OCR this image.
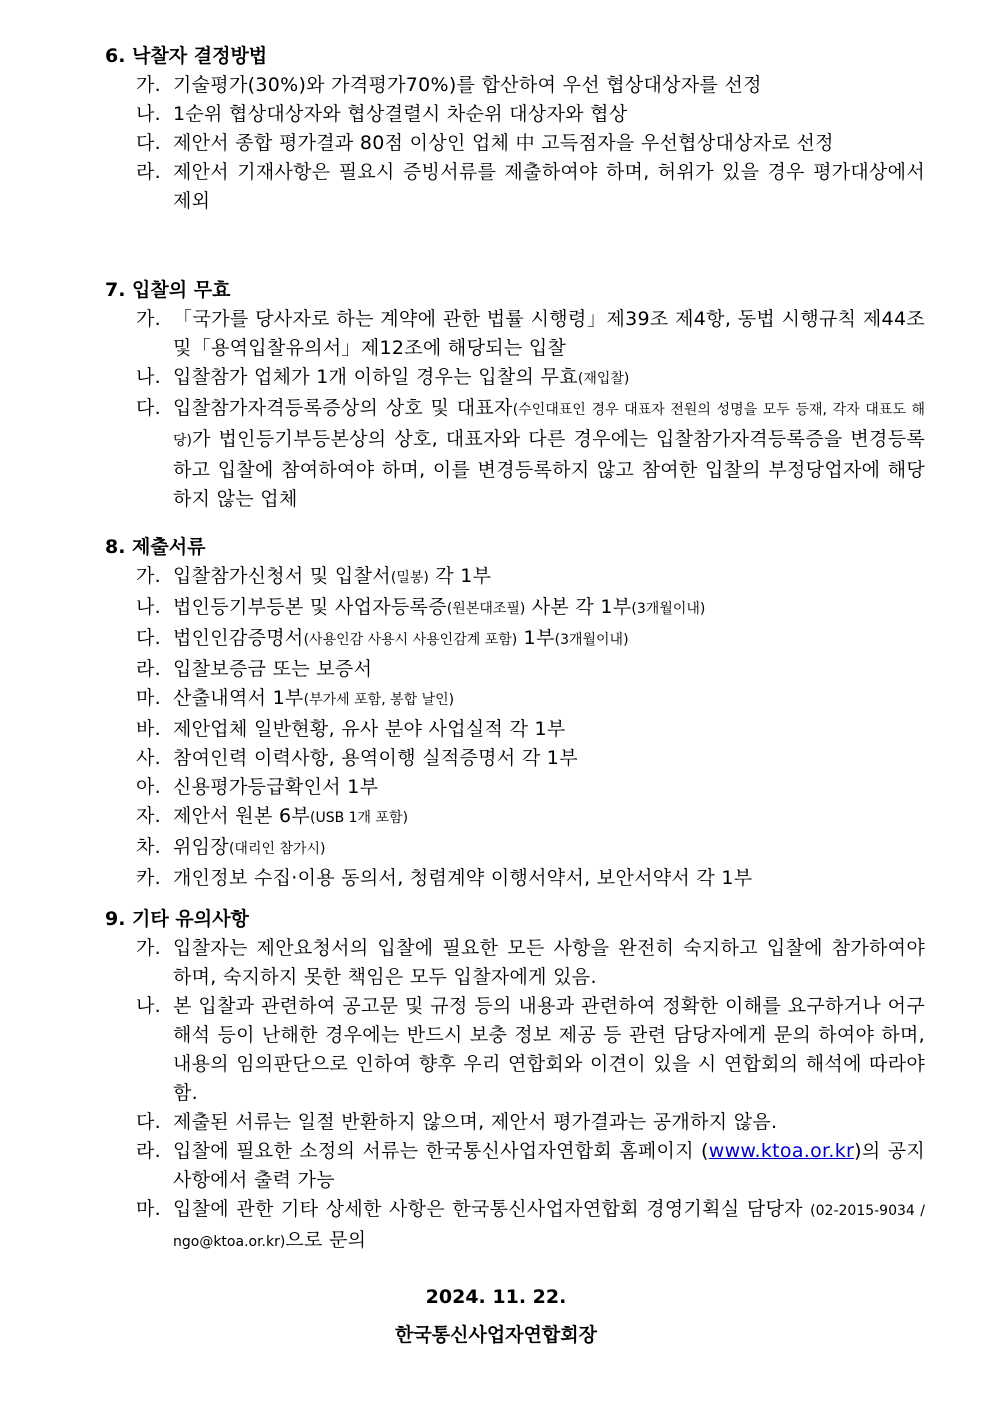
6. 낙찰자 결정방법
가. 기술평가(30%)와 가격평가70%)를 합산하여 우선 협상대상자를 선정
나. 1순위 협상대상자와 협상결렬시 차순위 대상자와 협상
다. 제안서 종합 평가결과 80점 이상인 업체 中 고득점자을 우선협상대상자로 선정
라. 제안서 기재사항은 필요시 증빙서류를 제출하여야 하며, 허위가 있을 경우 평가대상에서 제외
7. 입찰의 무효
가. 「국가를 당사자로 하는 계약에 관한 법률 시행령」제39조 제4항, 동법 시행규칙 제44조 및「용역입찰유의서」제12조에 해당되는 입찰
나. 입찰참가 업체가 1개 이하일 경우는 입찰의 무효(재입찰)
다. 입찰참가자격등록증상의 상호 및 대표자(수인대표인 경우 대표자 전원의 성명을 모두 등재, 각자 대표도 해당)가 법인등기부등본상의 상호, 대표자와 다른 경우에는 입찰참가자격등록증을 변경등록하고 입찰에 참여하여야 하며, 이를 변경등록하지 않고 참여한 입찰의 부정당업자에 해당하지 않는 업체
8. 제출서류
가. 입찰참가신청서 및 입찰서(밀봉) 각 1부
나. 법인등기부등본 및 사업자등록증(원본대조필) 사본 각 1부(3개월이내)
다. 법인인감증명서(사용인감 사용시 사용인감계 포함) 1부(3개월이내)
라. 입찰보증금 또는 보증서
마. 산출내역서 1부(부가세 포함, 봉합 날인)
바. 제안업체 일반현황, 유사 분야 사업실적 각 1부
사. 참여인력 이력사항, 용역이행 실적증명서 각 1부
아. 신용평가등급확인서 1부
자. 제안서 원본 6부(USB 1개 포함)
차. 위임장(대리인 참가시)
카. 개인정보 수집‧이용 동의서, 청렴계약 이행서약서, 보안서약서 각 1부
9. 기타 유의사항
가. 입찰자는 제안요청서의 입찰에 필요한 모든 사항을 완전히 숙지하고 입찰에 참가하여야 하며, 숙지하지 못한 책임은 모두 입찰자에게 있음.
나. 본 입찰과 관련하여 공고문 및 규정 등의 내용과 관련하여 정확한 이해를 요구하거나 어구해석 등이 난해한 경우에는 반드시 보충 정보 제공 등 관련 담당자에게 문의 하여야 하며, 내용의 임의판단으로 인하여 향후 우리 연합회와 이견이 있을 시 연합회의 해석에 따라야 함.
다. 제출된 서류는 일절 반환하지 않으며, 제안서 평가결과는 공개하지 않음.
라. 입찰에 필요한 소정의 서류는 한국통신사업자연합회 홈페이지 (www.ktoa.or.kr)의 공지사항에서 출력 가능
마. 입찰에 관한 기타 상세한 사항은 한국통신사업자연합회 경영기획실 담당자 (02-2015-9034 / ngo@ktoa.or.kr)으로 문의
2024. 11. 22.
한국통신사업자연합회장
